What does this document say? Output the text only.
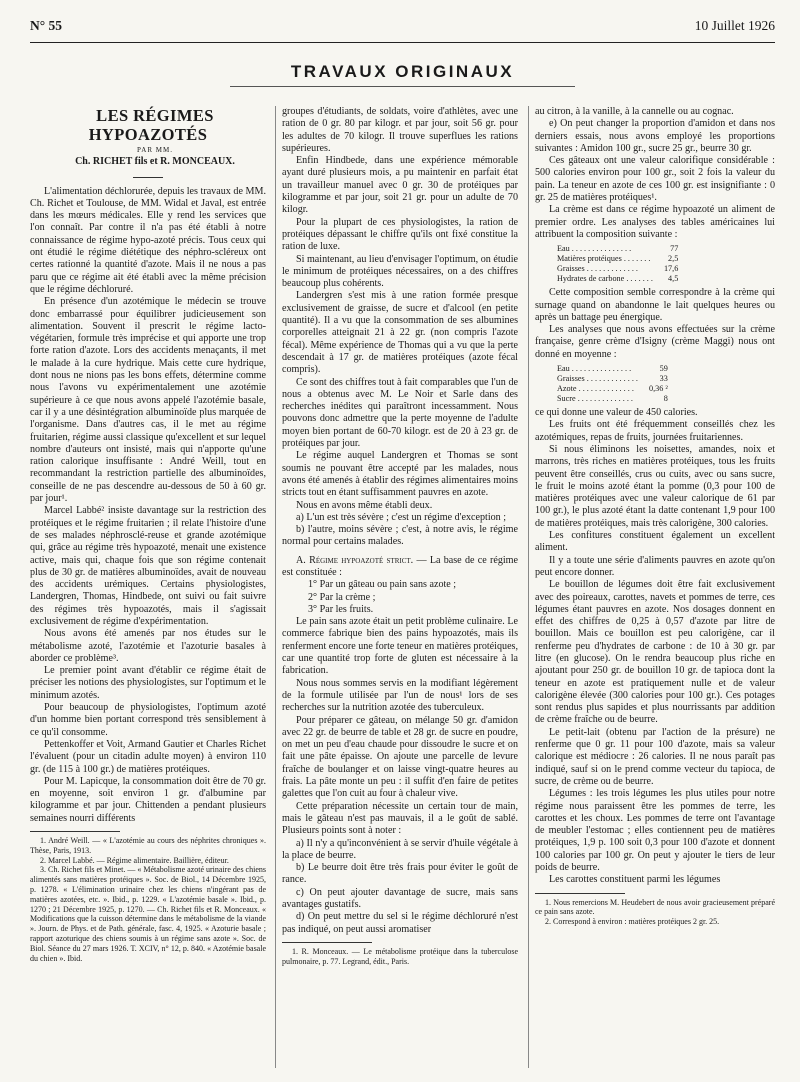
N° 55	10 Juillet 1926
TRAVAUX ORIGINAUX

LES RÉGIMES HYPOAZOTÉS

PAR MM.

Ch. RICHET fils et R. MONCEAUX.

L'alimentation déchlorurée, depuis les travaux de MM. Ch. Richet et Toulouse, de MM. Widal et Javal, est entrée dans les mœurs médicales. Elle y rend les services que l'on connaît. Par contre il n'a pas été établi à notre connaissance de régime hypo-azoté précis. Tous ceux qui ont étudié le régime diététique des néphro-scléreux ont certes rationné la quantité d'azote. Mais il ne nous a pas paru que ce régime ait été établi avec la même précision que le régime déchloruré.

En présence d'un azotémique le médecin se trouve donc embarrassé pour équilibrer judicieusement son alimentation. Souvent il prescrit le régime lacto-végétarien, formule très imprécise et qui apporte une trop forte ration d'azote. Lors des accidents menaçants, il met le malade à la cure hydrique. Mais cette cure hydrique, dont nous ne nions pas les bons effets, détermine comme nous l'avons vu expérimentalement une azotémie supérieure à ce que nous avons appelé l'azotémie basale, car il y a une désintégration albuminoïde plus marquée de l'organisme. Dans d'autres cas, il le met au régime fruitarien, régime aussi classique qu'excellent et sur lequel nombre d'auteurs ont insisté, mais qui n'apporte qu'une ration calorique insuffisante : André Weill, tout en recommandant la restriction partielle des albuminoïdes, conseille de ne pas descendre au-dessous de 50 à 60 gr. par jour¹.

Marcel Labbé² insiste davantage sur la restriction des protéiques et le régime fruitarien ; il relate l'histoire d'une de ses malades néphrosclé-reuse et grande azotémique qui, grâce au régime très hypoazoté, menait une existence active, mais qui, chaque fois que son régime contenait plus de 30 gr. de matières albuminoïdes, avait de nouveau des accidents urémiques. Certains physiologistes, Landergren, Thomas, Hindbede, ont suivi ou fait suivre des régimes très hypoazotés, mais il s'agissait exclusivement de régime d'expérimentation.

Nous avons été amenés par nos études sur le métabolisme azoté, l'azotémie et l'azoturie basales à aborder ce problème³.

Le premier point avant d'établir ce régime était de préciser les notions des physiologistes, sur l'optimum et le minimum azotés.

Pour beaucoup de physiologistes, l'optimum azoté d'un homme bien portant correspond très sensiblement à ce qu'il consomme.

Pettenkoffer et Voit, Armand Gautier et Charles Richet l'évaluent (pour un citadin adulte moyen) à environ 110 gr. (de 115 à 100 gr.) de matières protéiques.

Pour M. Lapicque, la consommation doit être de 70 gr. en moyenne, soit environ 1 gr. d'albumine par kilogramme et par jour. Chittenden a pendant plusieurs semaines nourri différents

1. André Weill. — « L'azotémie au cours des néphrites chroniques ». Thèse, Paris, 1913.

2. Marcel Labbé. — Régime alimentaire. Baillière, éditeur.

3. Ch. Richet fils et Minet. — « Métabolisme azoté urinaire des chiens alimentés sans matières protéiques ». Soc. de Biol., 14 Décembre 1925, p. 1278. « L'élimination urinaire chez les chiens n'ingérant pas de matières azotées, etc. ». Ibid., p. 1229. « L'azotémie basale ». Ibid., p. 1270 ; 21 Décembre 1925, p. 1270. — Ch. Richet fils et R. Monceaux. « Modifications que la cuisson détermine dans le métabolisme de la viande ». Journ. de Phys. et de Path. générale, fasc. 4, 1925. « Azoturie basale ; rapport azoturique des chiens soumis à un régime sans azote ». Soc. de Biol. Séance du 27 mars 1926. T. XCIV, n° 12, p. 840. « Azotémie basale du chien ». Ibid.

groupes d'étudiants, de soldats, voire d'athlètes, avec une ration de 0 gr. 80 par kilogr. et par jour, soit 56 gr. pour les adultes de 70 kilogr. Il trouve superflues les rations supérieures.

Enfin Hindbede, dans une expérience mémorable ayant duré plusieurs mois, a pu maintenir en parfait état un travailleur manuel avec 0 gr. 30 de protéiques par kilogramme et par jour, soit 21 gr. pour un adulte de 70 kilogr.

Pour la plupart de ces physiologistes, la ration de protéiques dépassant le chiffre qu'ils ont fixé constitue la ration de luxe.

Si maintenant, au lieu d'envisager l'optimum, on étudie le minimum de protéiques nécessaires, on a des chiffres beaucoup plus cohérents.

Landergren s'est mis à une ration formée presque exclusivement de graisse, de sucre et d'alcool (en petite quantité). Il a vu que la consommation de ses albumines corporelles atteignait 21 à 22 gr. (non compris l'azote fécal). Même expérience de Thomas qui a vu que la perte descendait à 17 gr. de matières protéiques (azote fécal compris).

Ce sont des chiffres tout à fait comparables que l'un de nous a obtenus avec M. Le Noir et Sarle dans des recherches inédites qui paraîtront incessamment. Nous pouvons donc admettre que la perte moyenne de l'adulte moyen bien portant de 60-70 kilogr. est de 20 à 23 gr. de protéiques par jour.

Le régime auquel Landergren et Thomas se sont soumis ne pouvant être accepté par les malades, nous avons été amenés à établir des régimes alimentaires moins stricts tout en étant suffisamment pauvres en azote.

Nous en avons même établi deux.

a) L'un est très sévère ; c'est un régime d'exception ;

b) l'autre, moins sévère ; c'est, à notre avis, le régime normal pour certains malades.

A. Régime hypoazoté strict. — La base de ce régime est constituée :

1° Par un gâteau ou pain sans azote ;
2° Par la crème ;
3° Par les fruits.

Le pain sans azote était un petit problème culinaire. Le commerce fabrique bien des pains hypoazotés, mais ils renferment encore une forte teneur en matières protéiques, car une quantité trop forte de gluten est nécessaire à la fabrication.

Nous nous sommes servis en la modifiant légèrement de la formule utilisée par l'un de nous¹ lors de ses recherches sur la nutrition azotée des tuberculeux.

Pour préparer ce gâteau, on mélange 50 gr. d'amidon avec 22 gr. de beurre de table et 28 gr. de sucre en poudre, on met un peu d'eau chaude pour dissoudre le sucre et on fait une pâte épaisse. On ajoute une parcelle de levure fraîche de boulanger et on laisse vingt-quatre heures au frais. La pâte monte un peu : il suffit d'en faire de petites galettes que l'on cuit au four à chaleur vive.

Cette préparation nécessite un certain tour de main, mais le gâteau n'est pas mauvais, il a le goût de sablé. Plusieurs points sont à noter :

a) Il n'y a qu'inconvénient à se servir d'huile végétale à la place de beurre.

b) Le beurre doit être très frais pour éviter le goût de rance.

c) On peut ajouter davantage de sucre, mais sans avantages gustatifs.

d) On peut mettre du sel si le régime déchloruré n'est pas indiqué, on peut aussi aromatiser

1. R. Monceaux. — Le métabolisme protéique dans la tuberculose pulmonaire, p. 77. Legrand, édit., Paris.

au citron, à la vanille, à la cannelle ou au cognac.

e) On peut changer la proportion d'amidon et dans nos derniers essais, nous avons employé les proportions suivantes : Amidon 100 gr., sucre 25 gr., beurre 30 gr.

Ces gâteaux ont une valeur calorifique considérable : 500 calories environ pour 100 gr., soit 2 fois la valeur du pain. La teneur en azote de ces 100 gr. est insignifiante : 0 gr. 25 de matières protéiques¹.

La crème est dans ce régime hypoazoté un aliment de premier ordre. Les analyses des tables américaines lui attribuent la composition suivante :

Eau . . . . . . . . . . . . . . .	77
Matières protéiques . . . . . . .	2,5
Graisses . . . . . . . . . . . . .	17,6
Hydrates de carbone . . . . . . .	4,5

Cette composition semble correspondre à la crème qui surnage quand on abandonne le lait quelques heures ou après un battage peu énergique.

Les analyses que nous avons effectuées sur la crème française, genre crème d'Isigny (crème Maggi) nous ont donné en moyenne :

Eau . . . . . . . . . . . . . . .	59
Graisses . . . . . . . . . . . . .	33
Azote . . . . . . . . . . . . . .	0,36 ²
Sucre . . . . . . . . . . . . . .	8

ce qui donne une valeur de 450 calories.

Les fruits ont été fréquemment conseillés chez les azotémiques, repas de fruits, journées fruitariennes.

Si nous éliminons les noisettes, amandes, noix et marrons, très riches en matières protéiques, tous les fruits peuvent être conseillés, crus ou cuits, avec ou sans sucre, le fruit le moins azoté étant la pomme (0,3 pour 100 de matières protéiques avec une valeur calorique de 61 par 100 gr.), le plus azoté étant la datte contenant 1,9 pour 100 de matières protéiques, mais très calorigène, 300 calories.

Les confitures constituent également un excellent aliment.

Il y a toute une série d'aliments pauvres en azote qu'on peut encore donner.

Le bouillon de légumes doit être fait exclusivement avec des poireaux, carottes, navets et pommes de terre, ces légumes étant pauvres en azote. Nos dosages donnent en effet des chiffres de 0,25 à 0,57 d'azote par litre de bouillon. Mais ce bouillon est peu calorigène, car il renferme peu d'hydrates de carbone : de 10 à 30 gr. par litre (en glucose). On le rendra beaucoup plus riche en ajoutant pour 250 gr. de bouillon 10 gr. de tapioca dont la teneur en azote est pratiquement nulle et de valeur calorigène élevée (300 calories pour 100 gr.). Ces potages sont rendus plus sapides et plus nourrissants par addition de crème fraîche ou de beurre.

Le petit-lait (obtenu par l'action de la présure) ne renferme que 0 gr. 11 pour 100 d'azote, mais sa valeur calorique est médiocre : 26 calories. Il ne nous paraît pas indiqué, sauf si on le prend comme vecteur du tapioca, de sucre, de crème ou de beurre.

Légumes : les trois légumes les plus utiles pour notre régime nous paraissent être les pommes de terre, les carottes et les choux. Les pommes de terre ont l'avantage de meubler l'estomac ; elles contiennent peu de matières protéiques, 1,9 p. 100 soit 0,3 pour 100 d'azote et donnent 100 calories par 100 gr. On peut y ajouter le tiers de leur poids de beurre.

Les carottes constituent parmi les légumes

1. Nous remercions M. Heudebert de nous avoir gracieusement préparé ce pain sans azote.

2. Correspond à environ : matières protéiques 2 gr. 25.
